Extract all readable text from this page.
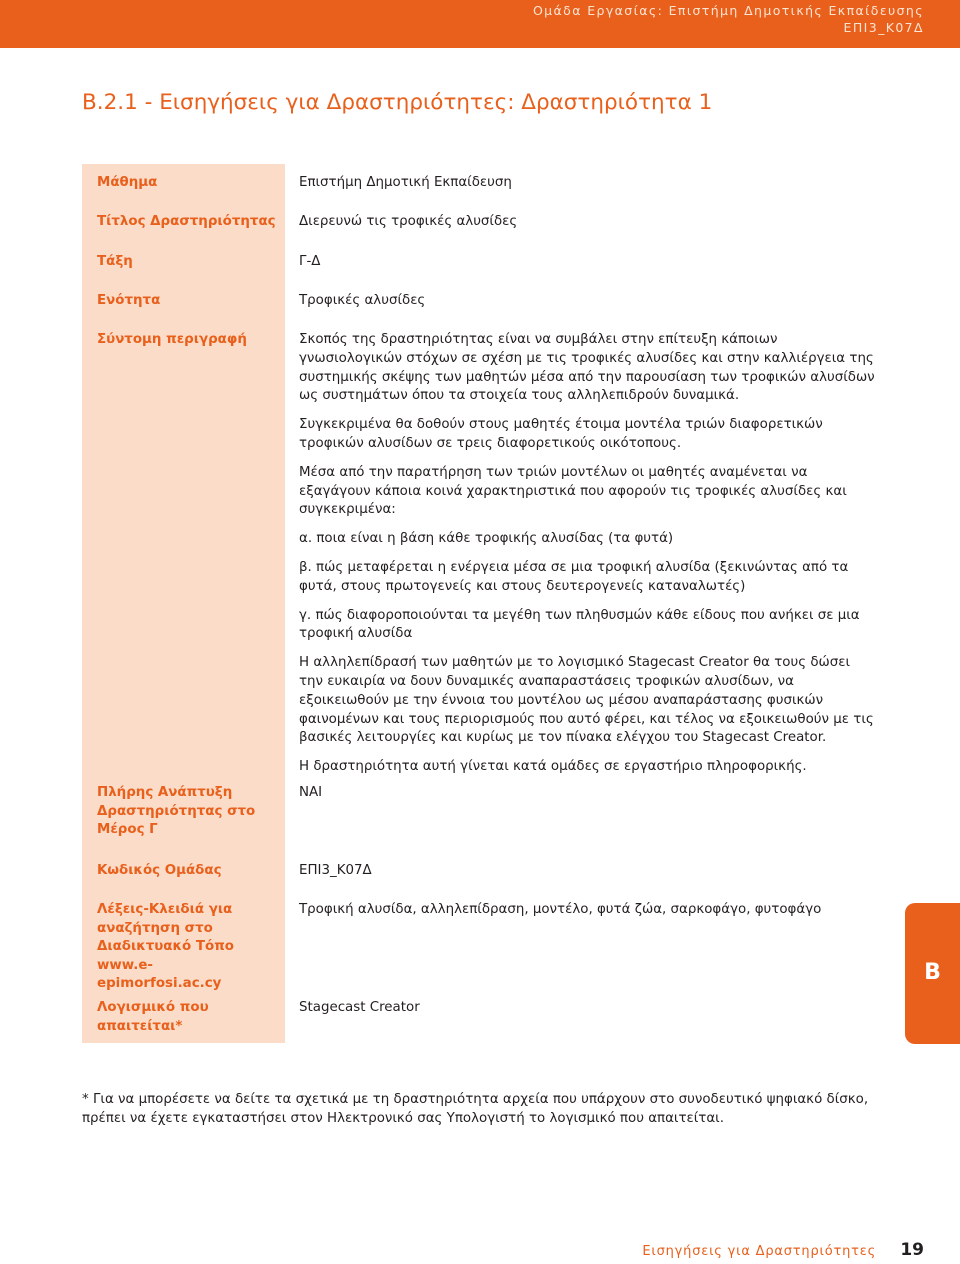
Ομάδα Εργασίας: Επιστήμη Δημοτικής Εκπαίδευσης
ΕΠΙ3_Κ07Δ
Β.2.1 - Εισηγήσεις για Δραστηριότητες: Δραστηριότητα 1
Μάθημα
Τίτλος Δραστηριότητας
Τάξη
Ενότητα
Σύντομη περιγραφή
Πλήρης Ανάπτυξη Δραστηριότητας στο Μέρος Γ
Κωδικός Ομάδας
Λέξεις-Κλειδιά για αναζήτηση στο Διαδικτυακό Τόπο www.e-epimorfosi.ac.cy
Λογισμικό που απαιτείται*
Επιστήμη Δημοτική Εκπαίδευση
Διερευνώ τις τροφικές αλυσίδες
Γ-Δ
Τροφικές αλυσίδες

Σκοπός της δραστηριότητας είναι να συμβάλει στην επίτευξη κάποιων γνωσιολογικών στόχων σε σχέση με τις τροφικές αλυσίδες και στην καλλιέργεια της συστημικής σκέψης των μαθητών μέσα από την παρουσίαση των τροφικών αλυσίδων ως συστημάτων όπου τα στοιχεία τους αλληλεπιδρούν δυναμικά.

Συγκεκριμένα θα δοθούν στους μαθητές έτοιμα μοντέλα τριών διαφορετικών τροφικών αλυσίδων σε τρεις διαφορετικούς οικότοπους.

Μέσα από την παρατήρηση των τριών μοντέλων οι μαθητές αναμένεται να εξαγάγουν κάποια κοινά χαρακτηριστικά που αφορούν τις τροφικές αλυσίδες και συγκεκριμένα:

α. ποια είναι η βάση κάθε τροφικής αλυσίδας (τα φυτά)

β. πώς μεταφέρεται η ενέργεια μέσα σε μια τροφική αλυσίδα (ξεκινώντας από τα φυτά, στους πρωτογενείς και στους δευτερογενείς καταναλωτές)

γ. πώς διαφοροποιούνται τα μεγέθη των πληθυσμών κάθε είδους που ανήκει σε μια τροφική αλυσίδα

Η αλληλεπίδρασή των μαθητών με το λογισμικό Stagecast Creator θα τους δώσει την ευκαιρία να δουν δυναμικές αναπαραστάσεις τροφικών αλυσίδων, να εξοικειωθούν με την έννοια του μοντέλου ως μέσου αναπαράστασης φυσικών φαινομένων και τους περιορισμούς που αυτό φέρει, και τέλος να εξοικειωθούν με τις βασικές λειτουργίες και κυρίως με τον πίνακα ελέγχου του Stagecast Creator.

Η δραστηριότητα αυτή γίνεται κατά ομάδες σε εργαστήριο πληροφορικής.

ΝΑΙ
ΕΠΙ3_Κ07Δ
Τροφική αλυσίδα, αλληλεπίδραση, μοντέλο, φυτά ζώα, σαρκοφάγο, φυτοφάγο
Stagecast Creator
B
* Για να μπορέσετε να δείτε τα σχετικά με τη δραστηριότητα αρχεία που υπάρχουν στο συνοδευτικό ψηφιακό δίσκο, πρέπει να έχετε εγκαταστήσει στον Ηλεκτρονικό σας Υπολογιστή το λογισμικό που απαιτείται.
Εισηγήσεις για Δραστηριότητες 19
